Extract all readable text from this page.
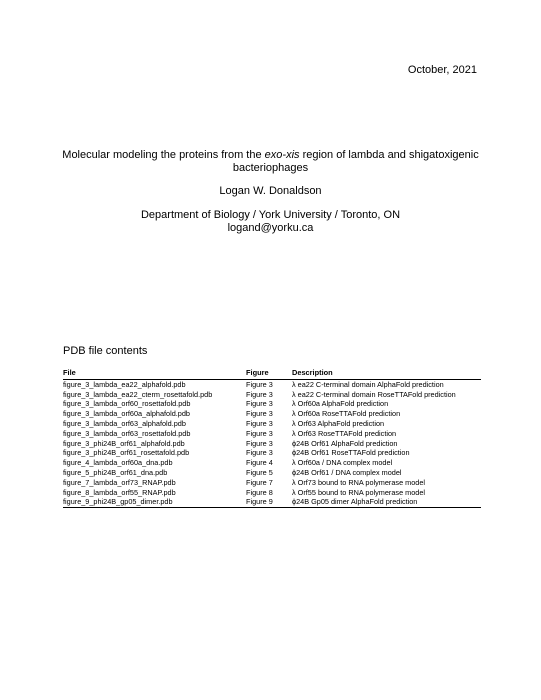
October, 2021
Molecular modeling the proteins from the exo-xis region of lambda and shigatoxigenic bacteriophages
Logan W. Donaldson
Department of Biology / York University / Toronto, ON
logand@yorku.ca
PDB file contents
File	Figure	Description
figure_3_lambda_ea22_alphafold.pdb	Figure 3	λ ea22 C-terminal domain AlphaFold prediction
figure_3_lambda_ea22_cterm_rosettafold.pdb	Figure 3	λ ea22 C-terminal domain RoseTTAFold prediction
figure_3_lambda_orf60_rosettafold.pdb	Figure 3	λ Orf60a AlphaFold prediction
figure_3_lambda_orf60a_alphafold.pdb	Figure 3	λ Orf60a RoseTTAFold prediction
figure_3_lambda_orf63_alphafold.pdb	Figure 3	λ Orf63 AlphaFold prediction
figure_3_lambda_orf63_rosettafold.pdb	Figure 3	λ Orf63 RoseTTAFold prediction
figure_3_phi24B_orf61_alphafold.pdb	Figure 3	ϕ24B Orf61 AlphaFold prediction
figure_3_phi24B_orf61_rosettafold.pdb	Figure 3	ϕ24B Orf61 RoseTTAFold prediction
figure_4_lambda_orf60a_dna.pdb	Figure 4	λ Orf60a / DNA complex model
figure_5_phi24B_orf61_dna.pdb	Figure 5	ϕ24B Orf61 / DNA complex model
figure_7_lambda_orf73_RNAP.pdb	Figure 7	λ Orf73 bound to RNA polymerase model
figure_8_lambda_orf55_RNAP.pdb	Figure 8	λ Orf55 bound to RNA polymerase model
figure_9_phi24B_gp05_dimer.pdb	Figure 9	ϕ24B Gp05 dimer AlphaFold prediction
